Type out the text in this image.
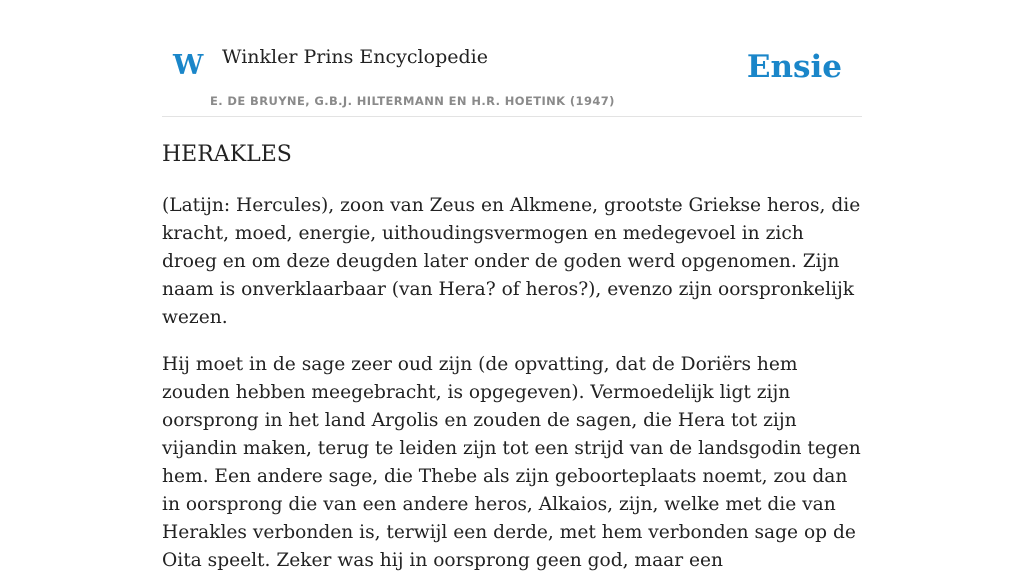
W Winkler Prins Encyclopedie
E. DE BRUYNE, G.B.J. HILTERMANN EN H.R. HOETINK (1947)
Ensie
HERAKLES

(Latijn: Hercules), zoon van Zeus en Alkmene, grootste Griekse heros, die kracht, moed, energie, uithoudingsvermogen en medegevoel in zich droeg en om deze deugden later onder de goden werd opgenomen. Zijn naam is onverklaarbaar (van Hera? of heros?), evenzo zijn oorspronkelijk wezen.

Hij moet in de sage zeer oud zijn (de opvatting, dat de Doriërs hem zouden hebben meegebracht, is opgegeven). Vermoedelijk ligt zijn oorsprong in het land Argolis en zouden de sagen, die Hera tot zijn vijandin maken, terug te leiden zijn tot een strijd van de landsgodin tegen hem. Een andere sage, die Thebe als zijn geboorteplaats noemt, zou dan in oorsprong die van een andere heros, Alkaios, zijn, welke met die van Herakles verbonden is, terwijl een derde, met hem verbonden sage op de Oita speelt. Zeker was hij in oorsprong geen god, maar een
